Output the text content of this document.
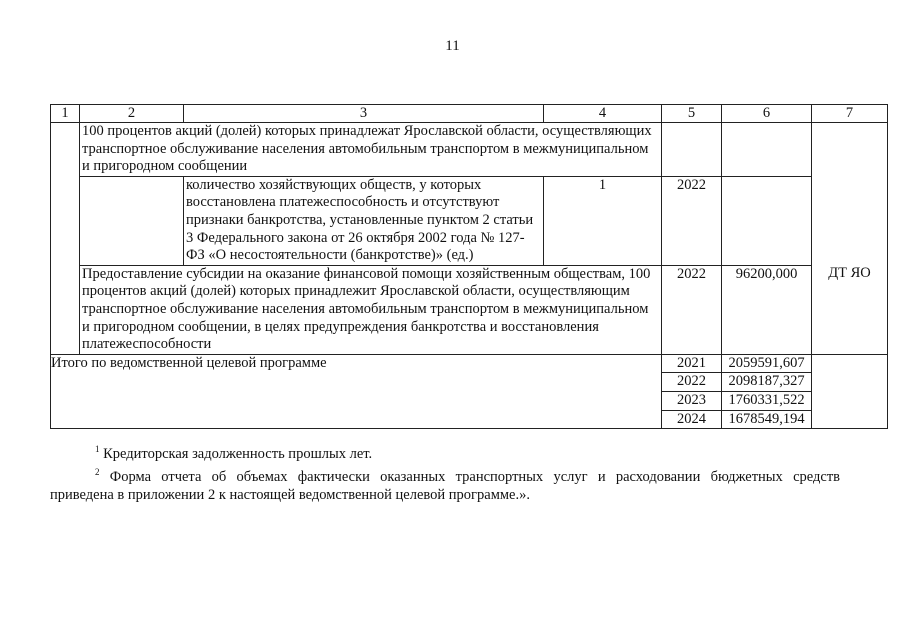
11
1	2	3	4	5	6	7

	100 процентов акций (долей) которых принадлежат Ярославской области, осуществляющих транспортное обслуживание населения автомобильным транспортом в межмуниципальном и пригородном сообщении					

		количество хозяйствующих обществ, у которых восстановлена платежеспособность и отсутствуют признаки банкротства, установленные пунктом 2 статьи 3 Федерального закона от 26 октября 2002 года № 127-ФЗ «О несостоятельности (банкротстве)» (ед.)	1	2022		
	Предоставление субсидии на оказание финансовой помощи хозяйственным обществам, 100 процентов акций (долей) которых принадлежит Ярославской области, осуществляющим транспортное обслуживание населения автомобильным транспортом в межмуниципальном и пригородном сообщении, в целях предупреждения банкротства и восстановления платежеспособности			2022	96200,000	ДТ ЯО
Итого по ведомственной целевой программе				2021	2059591,607	
				2022	2098187,327	
				2023	1760331,522	
				2024	1678549,194	
$^1$ Кредиторская задолженность прошлых лет.
$^2$ Форма отчета об объемах фактически оказанных транспортных услуг и расходовании бюджетных средств
приведена в приложении 2 к настоящей ведомственной целевой программе.».
